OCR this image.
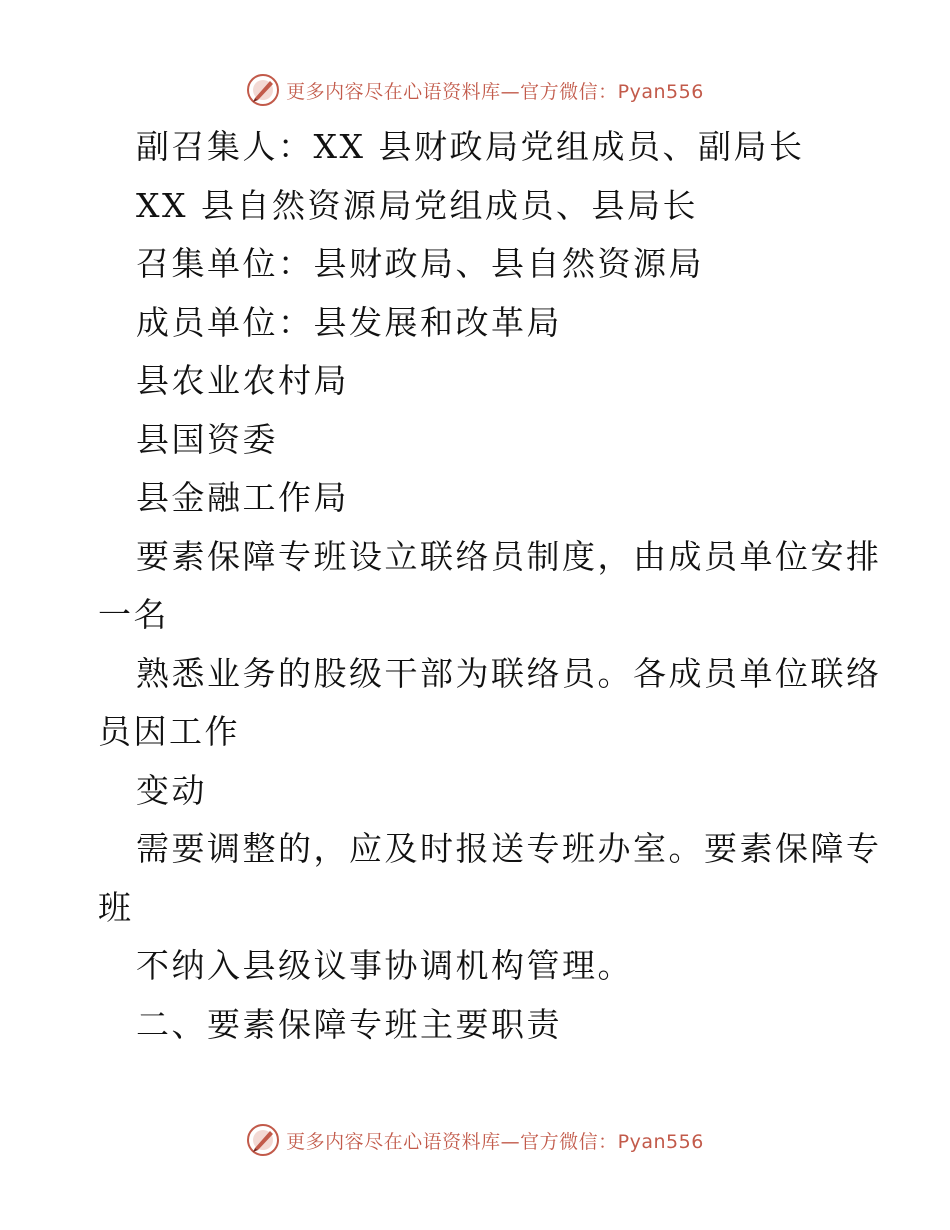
更多内容尽在心语资料库—官方微信：Pyan556
副召集人：XX 县财政局党组成员、副局长
XX 县自然资源局党组成员、县局长
召集单位：县财政局、县自然资源局
成员单位：县发展和改革局
县农业农村局
县国资委
县金融工作局
要素保障专班设立联络员制度，由成员单位安排
一名
熟悉业务的股级干部为联络员。各成员单位联络
员因工作
变动
需要调整的，应及时报送专班办室。要素保障专
班
不纳入县级议事协调机构管理。
二、要素保障专班主要职责
更多内容尽在心语资料库—官方微信：Pyan556
